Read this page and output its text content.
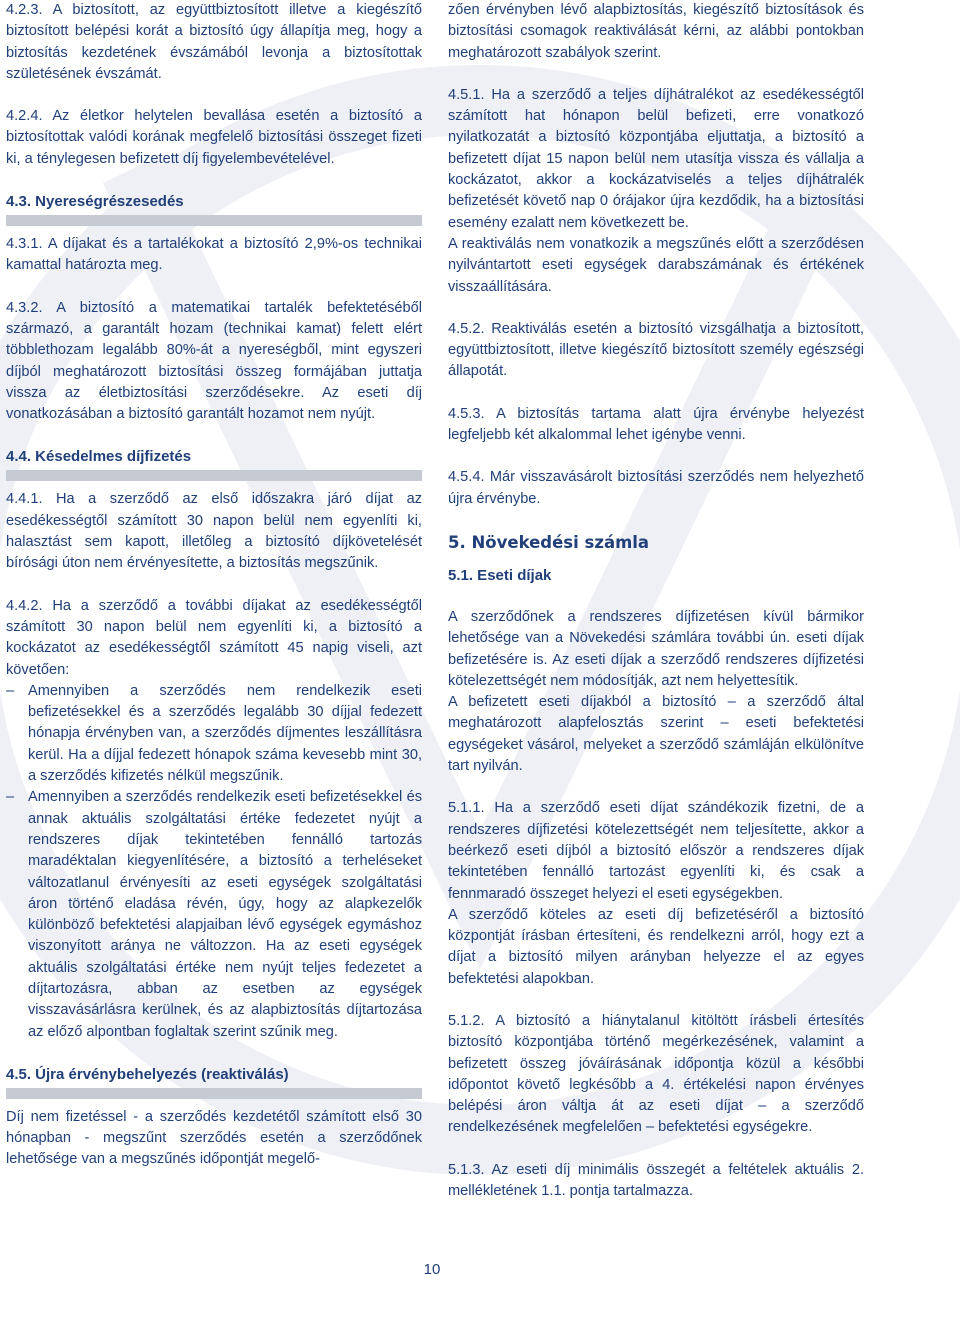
4.2.3. A biztosított, az együttbiztosított illetve a kiegészítő biztosított belépési korát a biztosító úgy állapítja meg, hogy a biztosítás kezdetének évszámából levonja a biztosítottak születésének évszámát.

4.2.4. Az életkor helytelen bevallása esetén a biztosító a biztosítottak valódi korának megfelelő biztosítási összeget fizeti ki, a ténylegesen befizetett díj figyelembevételével.

4.3. Nyereségrészesedés

4.3.1. A díjakat és a tartalékokat a biztosító 2,9%-os technikai kamattal határozta meg.

4.3.2. A biztosító a matematikai tartalék befektetéséből származó, a garantált hozam (technikai kamat) felett elért többlethozam legalább 80%-át a nyereségből, mint egyszeri díjból meghatározott biztosítási összeg formájában juttatja vissza az életbiztosítási szerződésekre. Az eseti díj vonatkozásában a biztosító garantált hozamot nem nyújt.

4.4. Késedelmes díjfizetés

4.4.1. Ha a szerződő az első időszakra járó díjat az esedékességtől számított 30 napon belül nem egyenlíti ki, halasztást sem kapott, illetőleg a biztosító díjkövetelését bírósági úton nem érvényesítette, a biztosítás megszűnik.

4.4.2. Ha a szerződő a további díjakat az esedékességtől számított 30 napon belül nem egyenlíti ki, a biztosító a kockázatot az esedékességtől számított 45 napig viseli, azt követően:

– Amennyiben a szerződés nem rendelkezik eseti befizetésekkel és a szerződés legalább 30 díjjal fedezett hónapja érvényben van, a szerződés díjmentes leszállításra kerül. Ha a díjjal fedezett hónapok száma kevesebb mint 30, a szerződés kifizetés nélkül megszűnik.

– Amennyiben a szerződés rendelkezik eseti befizetésekkel és annak aktuális szolgáltatási értéke fedezetet nyújt a rendszeres díjak tekintetében fennálló tartozás maradéktalan kiegyenlítésére, a biztosító a terheléseket változatlanul érvényesíti az eseti egységek szolgáltatási áron történő eladása révén, úgy, hogy az alapkezelők különböző befektetési alapjaiban lévő egységek egymáshoz viszonyított aránya ne változzon. Ha az eseti egységek aktuális szolgáltatási értéke nem nyújt teljes fedezetet a díjtartozásra, abban az esetben az egységek visszavásárlásra kerülnek, és az alapbiztosítás díjtartozása az előző alpontban foglaltak szerint szűnik meg.

4.5. Újra érvénybehelyezés (reaktiválás)

Díj nem fizetéssel - a szerződés kezdetétől számított első 30 hónapban - megszűnt szerződés esetén a szerződőnek lehetősége van a megszűnés időpontját megelő-

zően érvényben lévő alapbiztosítás, kiegészítő biztosítások és biztosítási csomagok reaktiválását kérni, az alábbi pontokban meghatározott szabályok szerint.

4.5.1. Ha a szerződő a teljes díjhátralékot az esedékességtől számított hat hónapon belül befizeti, erre vonatkozó nyilatkozatát a biztosító központjába eljuttatja, a biztosító a befizetett díjat 15 napon belül nem utasítja vissza és vállalja a kockázatot, akkor a kockázatviselés a teljes díjhátralék befizetését követő nap 0 órájakor újra kezdődik, ha a biztosítási esemény ezalatt nem következett be.

A reaktiválás nem vonatkozik a megszűnés előtt a szerződésen nyilvántartott eseti egységek darabszámának és értékének visszaállítására.

4.5.2. Reaktiválás esetén a biztosító vizsgálhatja a biztosított, együttbiztosított, illetve kiegészítő biztosított személy egészségi állapotát.

4.5.3. A biztosítás tartama alatt újra érvénybe helyezést legfeljebb két alkalommal lehet igénybe venni.

4.5.4. Már visszavásárolt biztosítási szerződés nem helyezhető újra érvénybe.

5. Növekedési számla
5.1. Eseti díjak

A szerződőnek a rendszeres díjfizetésen kívül bármikor lehetősége van a Növekedési számlára további ún. eseti díjak befizetésére is. Az eseti díjak a szerződő rendszeres díjfizetési kötelezettségét nem módosítják, azt nem helyettesítik.

A befizetett eseti díjakból a biztosító – a szerződő által meghatározott alapfelosztás szerint – eseti befektetési egységeket vásárol, melyeket a szerződő számláján elkülönítve tart nyilván.

5.1.1. Ha a szerződő eseti díjat szándékozik fizetni, de a rendszeres díjfizetési kötelezettségét nem teljesítette, akkor a beérkező eseti díjból a biztosító először a rendszeres díjak tekintetében fennálló tartozást egyenlíti ki, és csak a fennmaradó összeget helyezi el eseti egységekben.

A szerződő köteles az eseti díj befizetéséről a biztosító központját írásban értesíteni, és rendelkezni arról, hogy ezt a díjat a biztosító milyen arányban helyezze el az egyes befektetési alapokban.

5.1.2. A biztosító a hiánytalanul kitöltött írásbeli értesítés biztosító központjába történő megérkezésének, valamint a befizetett összeg jóváírásának időpontja közül a későbbi időpontot követő legkésőbb a 4. értékelési napon érvényes belépési áron váltja át az eseti díjat – a szerződő rendelkezésének megfelelően – befektetési egységekre.

5.1.3. Az eseti díj minimális összegét a feltételek aktuális 2. mellékletének 1.1. pontja tartalmazza.

10
